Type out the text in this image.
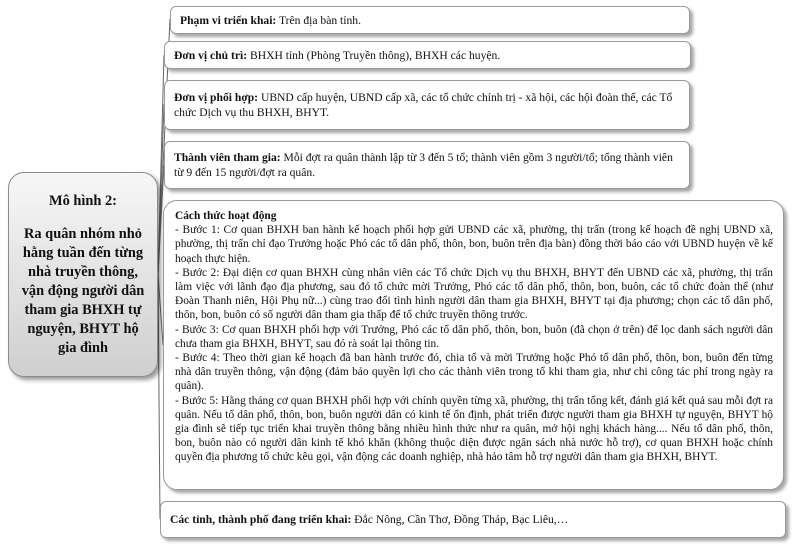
Mô hình 2:
Ra quân nhóm nhỏ hằng tuần đến từng nhà truyền thông, vận động người dân tham gia BHXH tự nguyện, BHYT hộ gia đình
Phạm vi triển khai: Trên địa bàn tỉnh.
Đơn vị chủ trì: BHXH tỉnh (Phòng Truyền thông), BHXH các huyện.
Đơn vị phối hợp: UBND cấp huyện, UBND cấp xã, các tổ chức chính trị - xã hội, các hội đoàn thể, các Tổ chức Dịch vụ thu BHXH, BHYT.
Thành viên tham gia: Mỗi đợt ra quân thành lập từ 3 đến 5 tổ; thành viên gồm 3 người/tổ; tổng thành viên từ 9 đến 15 người/đợt ra quân.
Cách thức hoạt động
- Bước 1: Cơ quan BHXH ban hành kế hoạch phối hợp gửi UBND các xã, phường, thị trấn (trong kế hoạch đề nghị UBND xã, phường, thị trấn chỉ đạo Trưởng hoặc Phó các tổ dân phố, thôn, bon, buôn trên địa bàn) đồng thời báo cáo với UBND huyện về kế hoạch thực hiện.
- Bước 2: Đại diện cơ quan BHXH cùng nhân viên các Tổ chức Dịch vụ thu BHXH, BHYT đến UBND các xã, phường, thị trấn làm việc với lãnh đạo địa phương, sau đó tổ chức mời Trưởng, Phó các tổ dân phố, thôn, bon, buôn, các tổ chức đoàn thể (như Đoàn Thanh niên, Hội Phụ nữ...) cùng trao đổi tình hình người dân tham gia BHXH, BHYT tại địa phương; chọn các tổ dân phố, thôn, bon, buôn có số người dân tham gia thấp để tổ chức truyền thông trước.
- Bước 3: Cơ quan BHXH phối hợp với Trưởng, Phó các tổ dân phố, thôn, bon, buôn (đã chọn ở trên) để lọc danh sách người dân chưa tham gia BHXH, BHYT, sau đó rà soát lại thông tin.
- Bước 4: Theo thời gian kế hoạch đã ban hành trước đó, chia tổ và mời Trưởng hoặc Phó tổ dân phố, thôn, bon, buôn đến từng nhà dân truyền thông, vận động (đảm bảo quyền lợi cho các thành viên trong tổ khi tham gia, như chi công tác phí trong ngày ra quân).
- Bước 5: Hằng tháng cơ quan BHXH phối hợp với chính quyền từng xã, phường, thị trấn tổng kết, đánh giá kết quả sau mỗi đợt ra quân. Nếu tổ dân phố, thôn, bon, buôn người dân có kinh tế ổn định, phát triển được người tham gia BHXH tự nguyện, BHYT hộ gia đình sẽ tiếp tục triển khai truyền thông bằng nhiều hình thức như ra quân, mở hội nghị khách hàng.... Nếu tổ dân phố, thôn, bon, buôn nào có người dân kinh tế khó khăn (không thuộc diện được ngân sách nhà nước hỗ trợ), cơ quan BHXH hoặc chính quyền địa phương tổ chức kêu gọi, vận động các doanh nghiệp, nhà hảo tâm hỗ trợ người dân tham gia BHXH, BHYT.
Các tỉnh, thành phố đang triển khai: Đắc Nông, Cần Thơ, Đồng Tháp, Bạc Liêu,…
